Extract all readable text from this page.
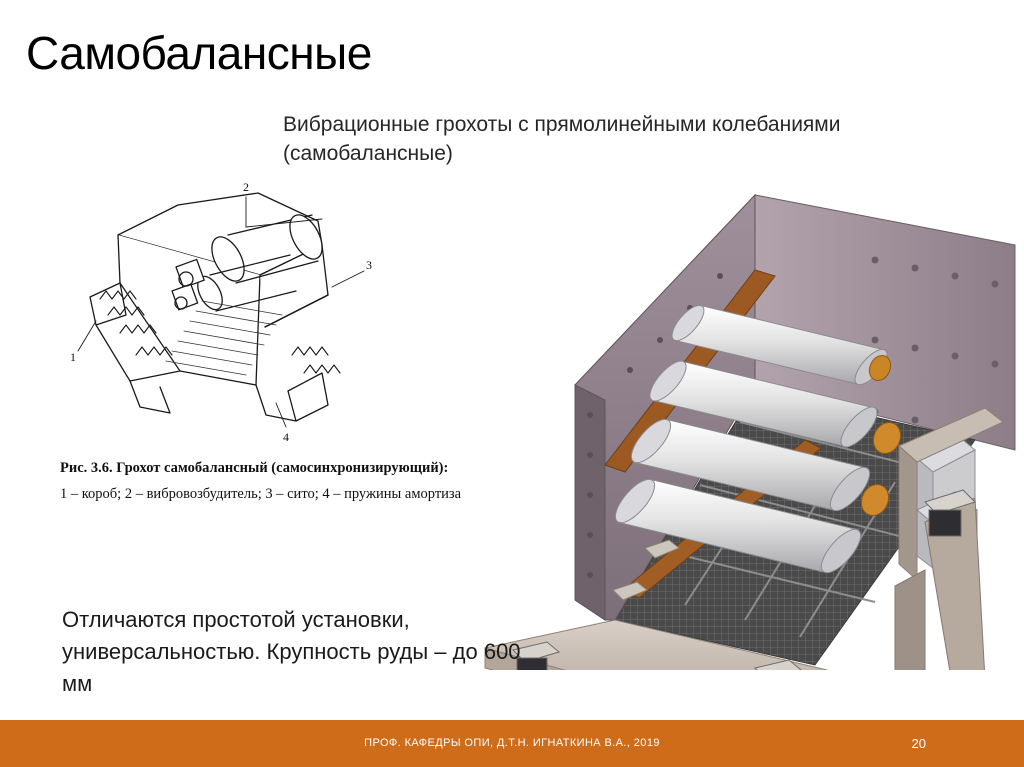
Самобалансные
Вибрационные грохоты с прямолинейными колебаниями (самобалансные)
2
3
1
4
Рис. 3.6. Грохот самобалансный (самосинхронизирующий):
1 – короб; 2 – вибровозбудитель; 3 – сито; 4 – пружины амортиза
Отличаются простотой установки, универсальностью. Крупность руды – до 600 мм
ПРОФ. КАФЕДРЫ ОПИ, Д.Т.Н. ИГНАТКИНА В.А., 2019	20
